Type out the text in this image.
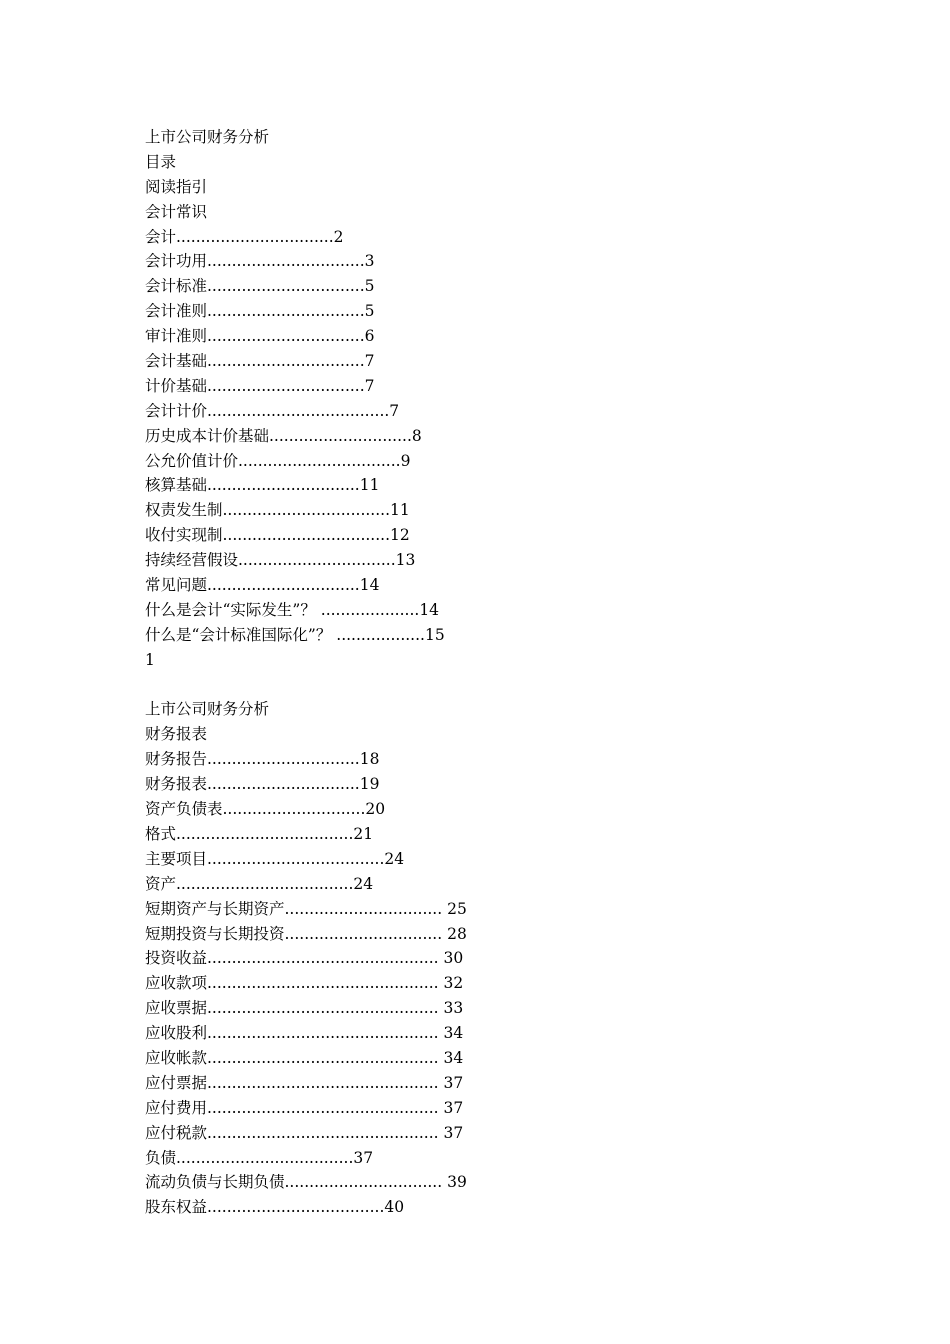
上市公司财务分析
目录
阅读指引
会计常识
会计................................2
会计功用................................3
会计标准................................5
会计准则................................5
审计准则................................6
会计基础................................7
计价基础................................7
会计计价.....................................7
历史成本计价基础.............................8
公允价值计价.................................9
核算基础...............................11
权责发生制..................................11
收付实现制..................................12
持续经营假设................................13
常见问题...............................14
什么是会计“实际发生”？ ....................14
什么是“会计标准国际化”？ ..................15
1
上市公司财务分析
财务报表
财务报告...............................18
财务报表...............................19
资产负债表.............................20
格式....................................21
主要项目....................................24
资产....................................24
短期资产与长期资产................................ 25
短期投资与长期投资................................ 28
投资收益............................................... 30
应收款项............................................... 32
应收票据............................................... 33
应收股利............................................... 34
应收帐款............................................... 34
应付票据............................................... 37
应付费用............................................... 37
应付税款............................................... 37
负债....................................37
流动负债与长期负债................................ 39
股东权益....................................40
